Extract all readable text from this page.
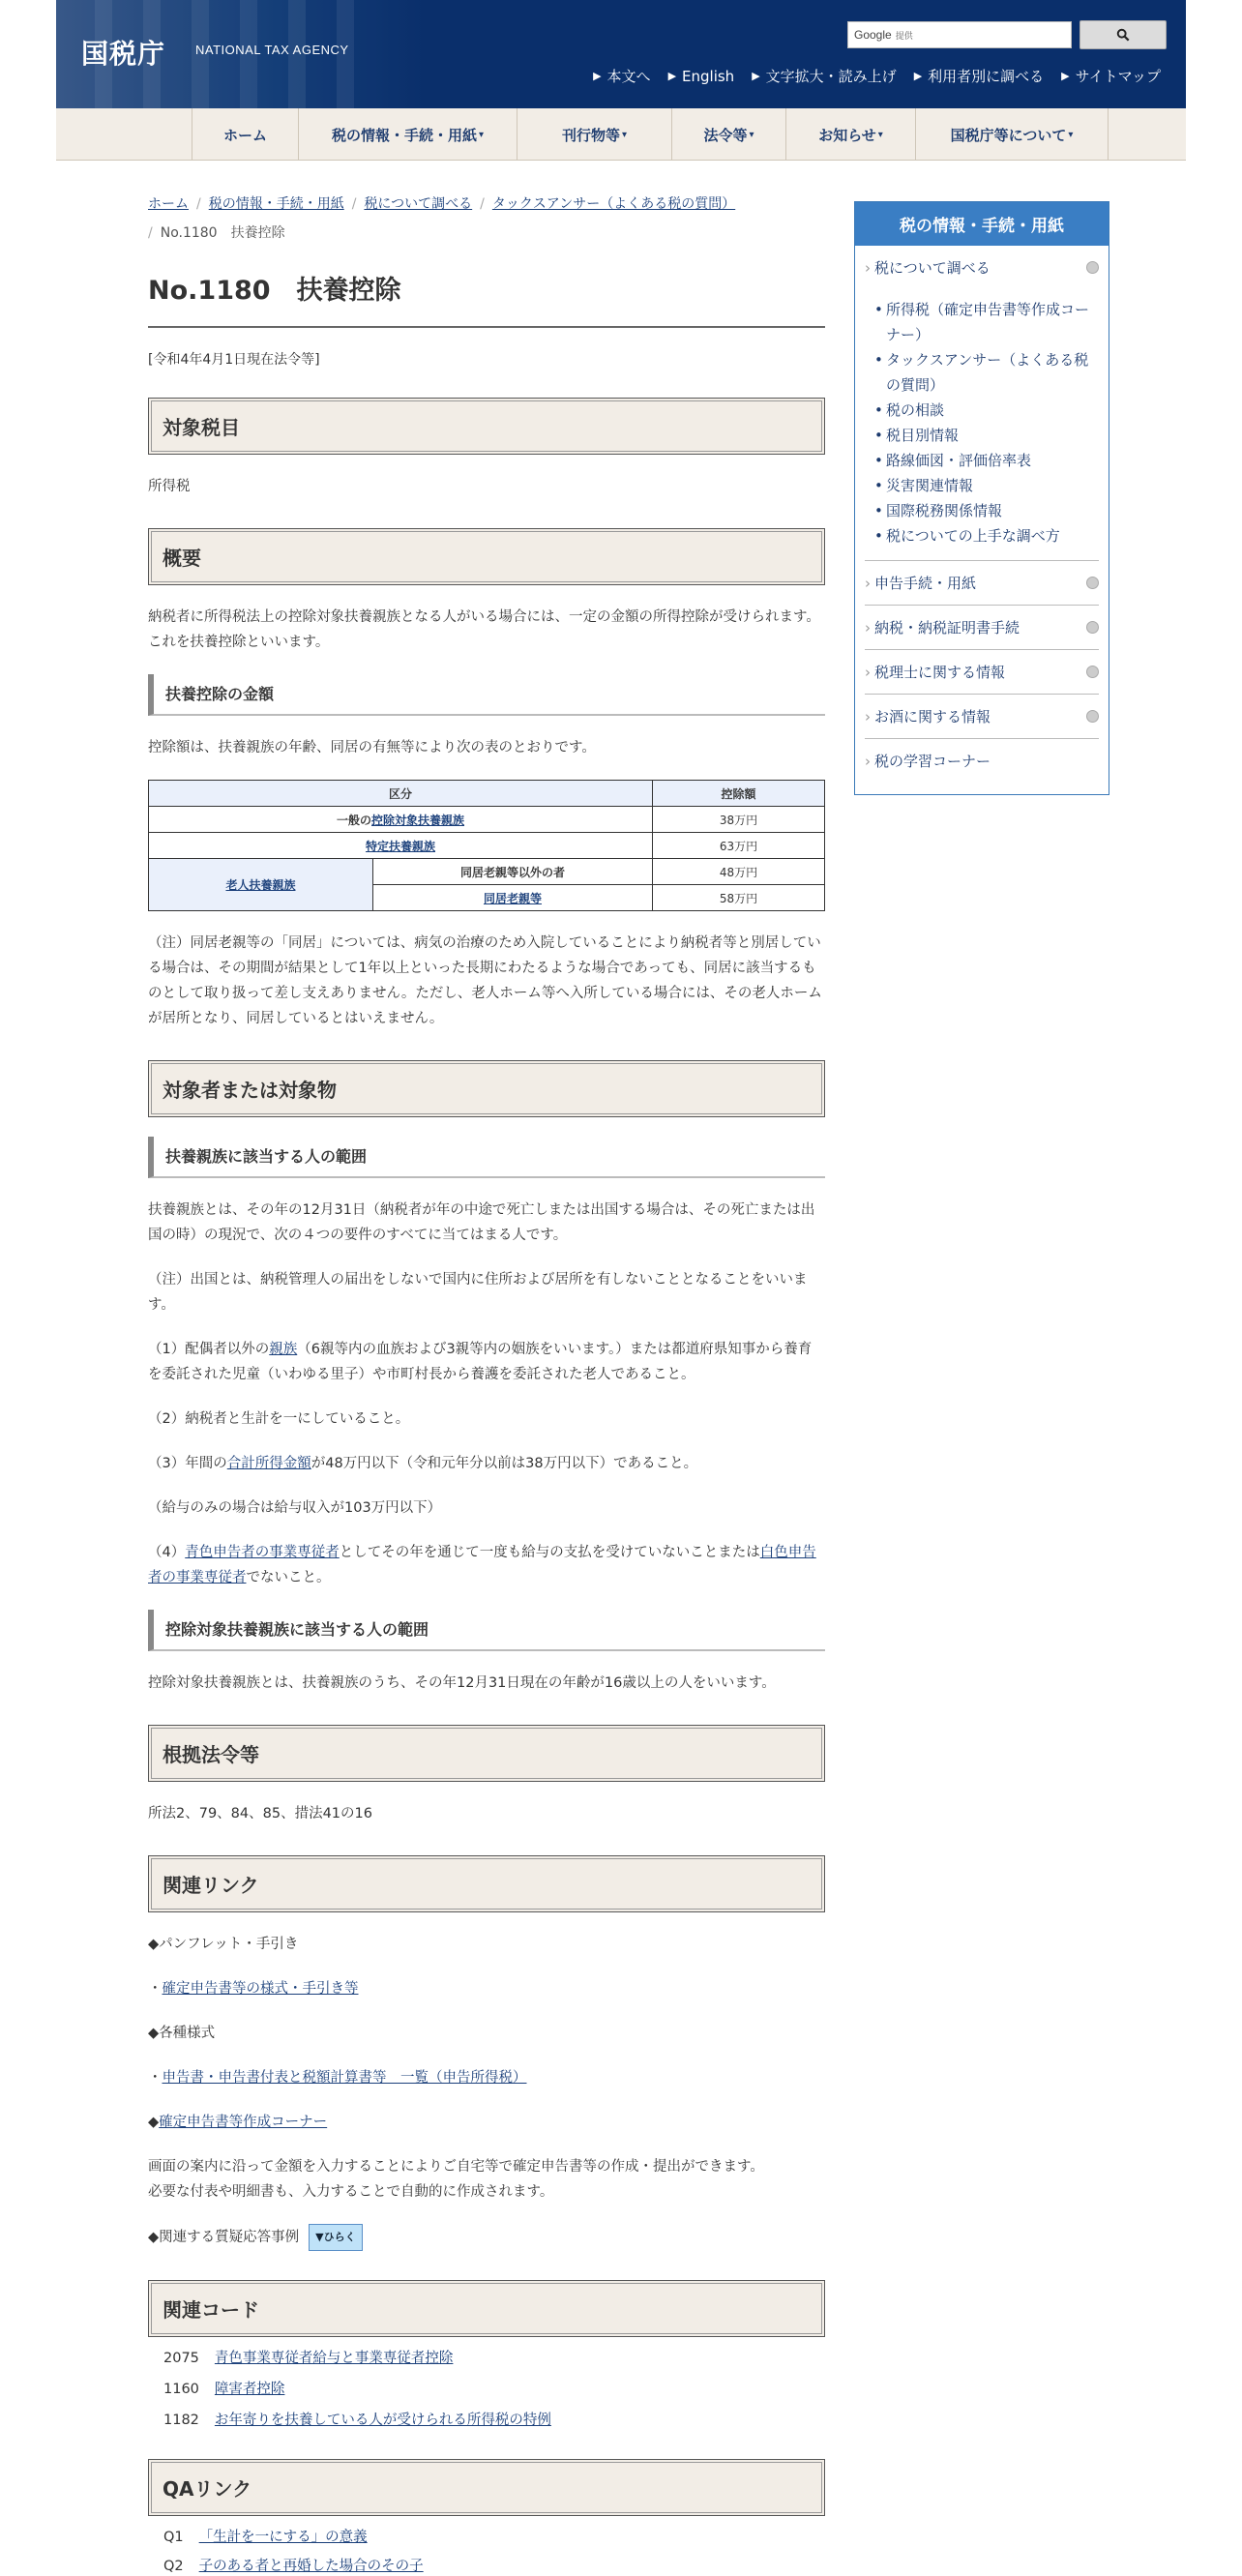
国税庁 NATIONAL TAX AGENCY
Google 提供
▶ 本文へ ▶ English ▶ 文字拡大・読み上げ ▶ 利用者別に調べる ▶ サイトマップ
ホーム	税の情報・手続・用紙 ▾	刊行物等 ▾	法令等 ▾	お知らせ ▾	国税庁等について ▾
ホーム / 税の情報・手続・用紙 / 税について調べる / タックスアンサー（よくある税の質問）
/ No.1180　扶養控除
No.1180　扶養控除
[令和4年4月1日現在法令等]
対象税目

所得税

概要

納税者に所得税法上の控除対象扶養親族となる人がいる場合には、一定の金額の所得控除が受けられます。これを扶養控除といいます。

扶養控除の金額

控除額は、扶養親族の年齢、同居の有無等により次の表のとおりです。

区分		控除額
一般の控除対象扶養親族		38万円
特定扶養親族		63万円
老人扶養親族	同居老親等以外の者	48万円
	同居老親等	58万円

（注）同居老親等の「同居」については、病気の治療のため入院していることにより納税者等と別居している場合は、その期間が結果として1年以上といった長期にわたるような場合であっても、同居に該当するものとして取り扱って差し支えありません。ただし、老人ホーム等へ入所している場合には、その老人ホームが居所となり、同居しているとはいえません。

対象者または対象物
扶養親族に該当する人の範囲

扶養親族とは、その年の12月31日（納税者が年の中途で死亡しまたは出国する場合は、その死亡または出国の時）の現況で、次の４つの要件のすべてに当てはまる人です。

（注）出国とは、納税管理人の届出をしないで国内に住所および居所を有しないこととなることをいいます。

（1）配偶者以外の親族（6親等内の血族および3親等内の姻族をいいます。）または都道府県知事から養育を委託された児童（いわゆる里子）や市町村長から養護を委託された老人であること。

（2）納税者と生計を一にしていること。

（3）年間の合計所得金額が48万円以下（令和元年分以前は38万円以下）であること。

（給与のみの場合は給与収入が103万円以下）

（4）青色申告者の事業専従者としてその年を通じて一度も給与の支払を受けていないことまたは白色申告者の事業専従者でないこと。

控除対象扶養親族に該当する人の範囲

控除対象扶養親族とは、扶養親族のうち、その年12月31日現在の年齢が16歳以上の人をいいます。

根拠法令等

所法2、79、84、85、措法41の16

関連リンク

◆パンフレット・手引き

・確定申告書等の様式・手引き等

◆各種様式

・申告書・申告書付表と税額計算書等　一覧（申告所得税）

◆確定申告書等作成コーナー

画面の案内に沿って金額を入力することによりご自宅等で確定申告書等の作成・提出ができます。
必要な付表や明細書も、入力することで自動的に作成されます。

◆関連する質疑応答事例 ▼ひらく

関連コード
2075 青色事業専従者給与と事業専従者控除
1160 障害者控除
1182 お年寄りを扶養している人が受けられる所得税の特例
QAリンク
Q1 「生計を一にする」の意義
Q2 子のある者と再婚した場合のその子
税の情報・手続・用紙
› 税について調べる
• 所得税（確定申告書等作成コーナー）
• タックスアンサー（よくある税の質問）
• 税の相談
• 税目別情報
• 路線価図・評価倍率表
• 災害関連情報
• 国際税務関係情報
• 税についての上手な調べ方
› 申告手続・用紙
› 納税・納税証明書手続
› 税理士に関する情報
› お酒に関する情報
› 税の学習コーナー
